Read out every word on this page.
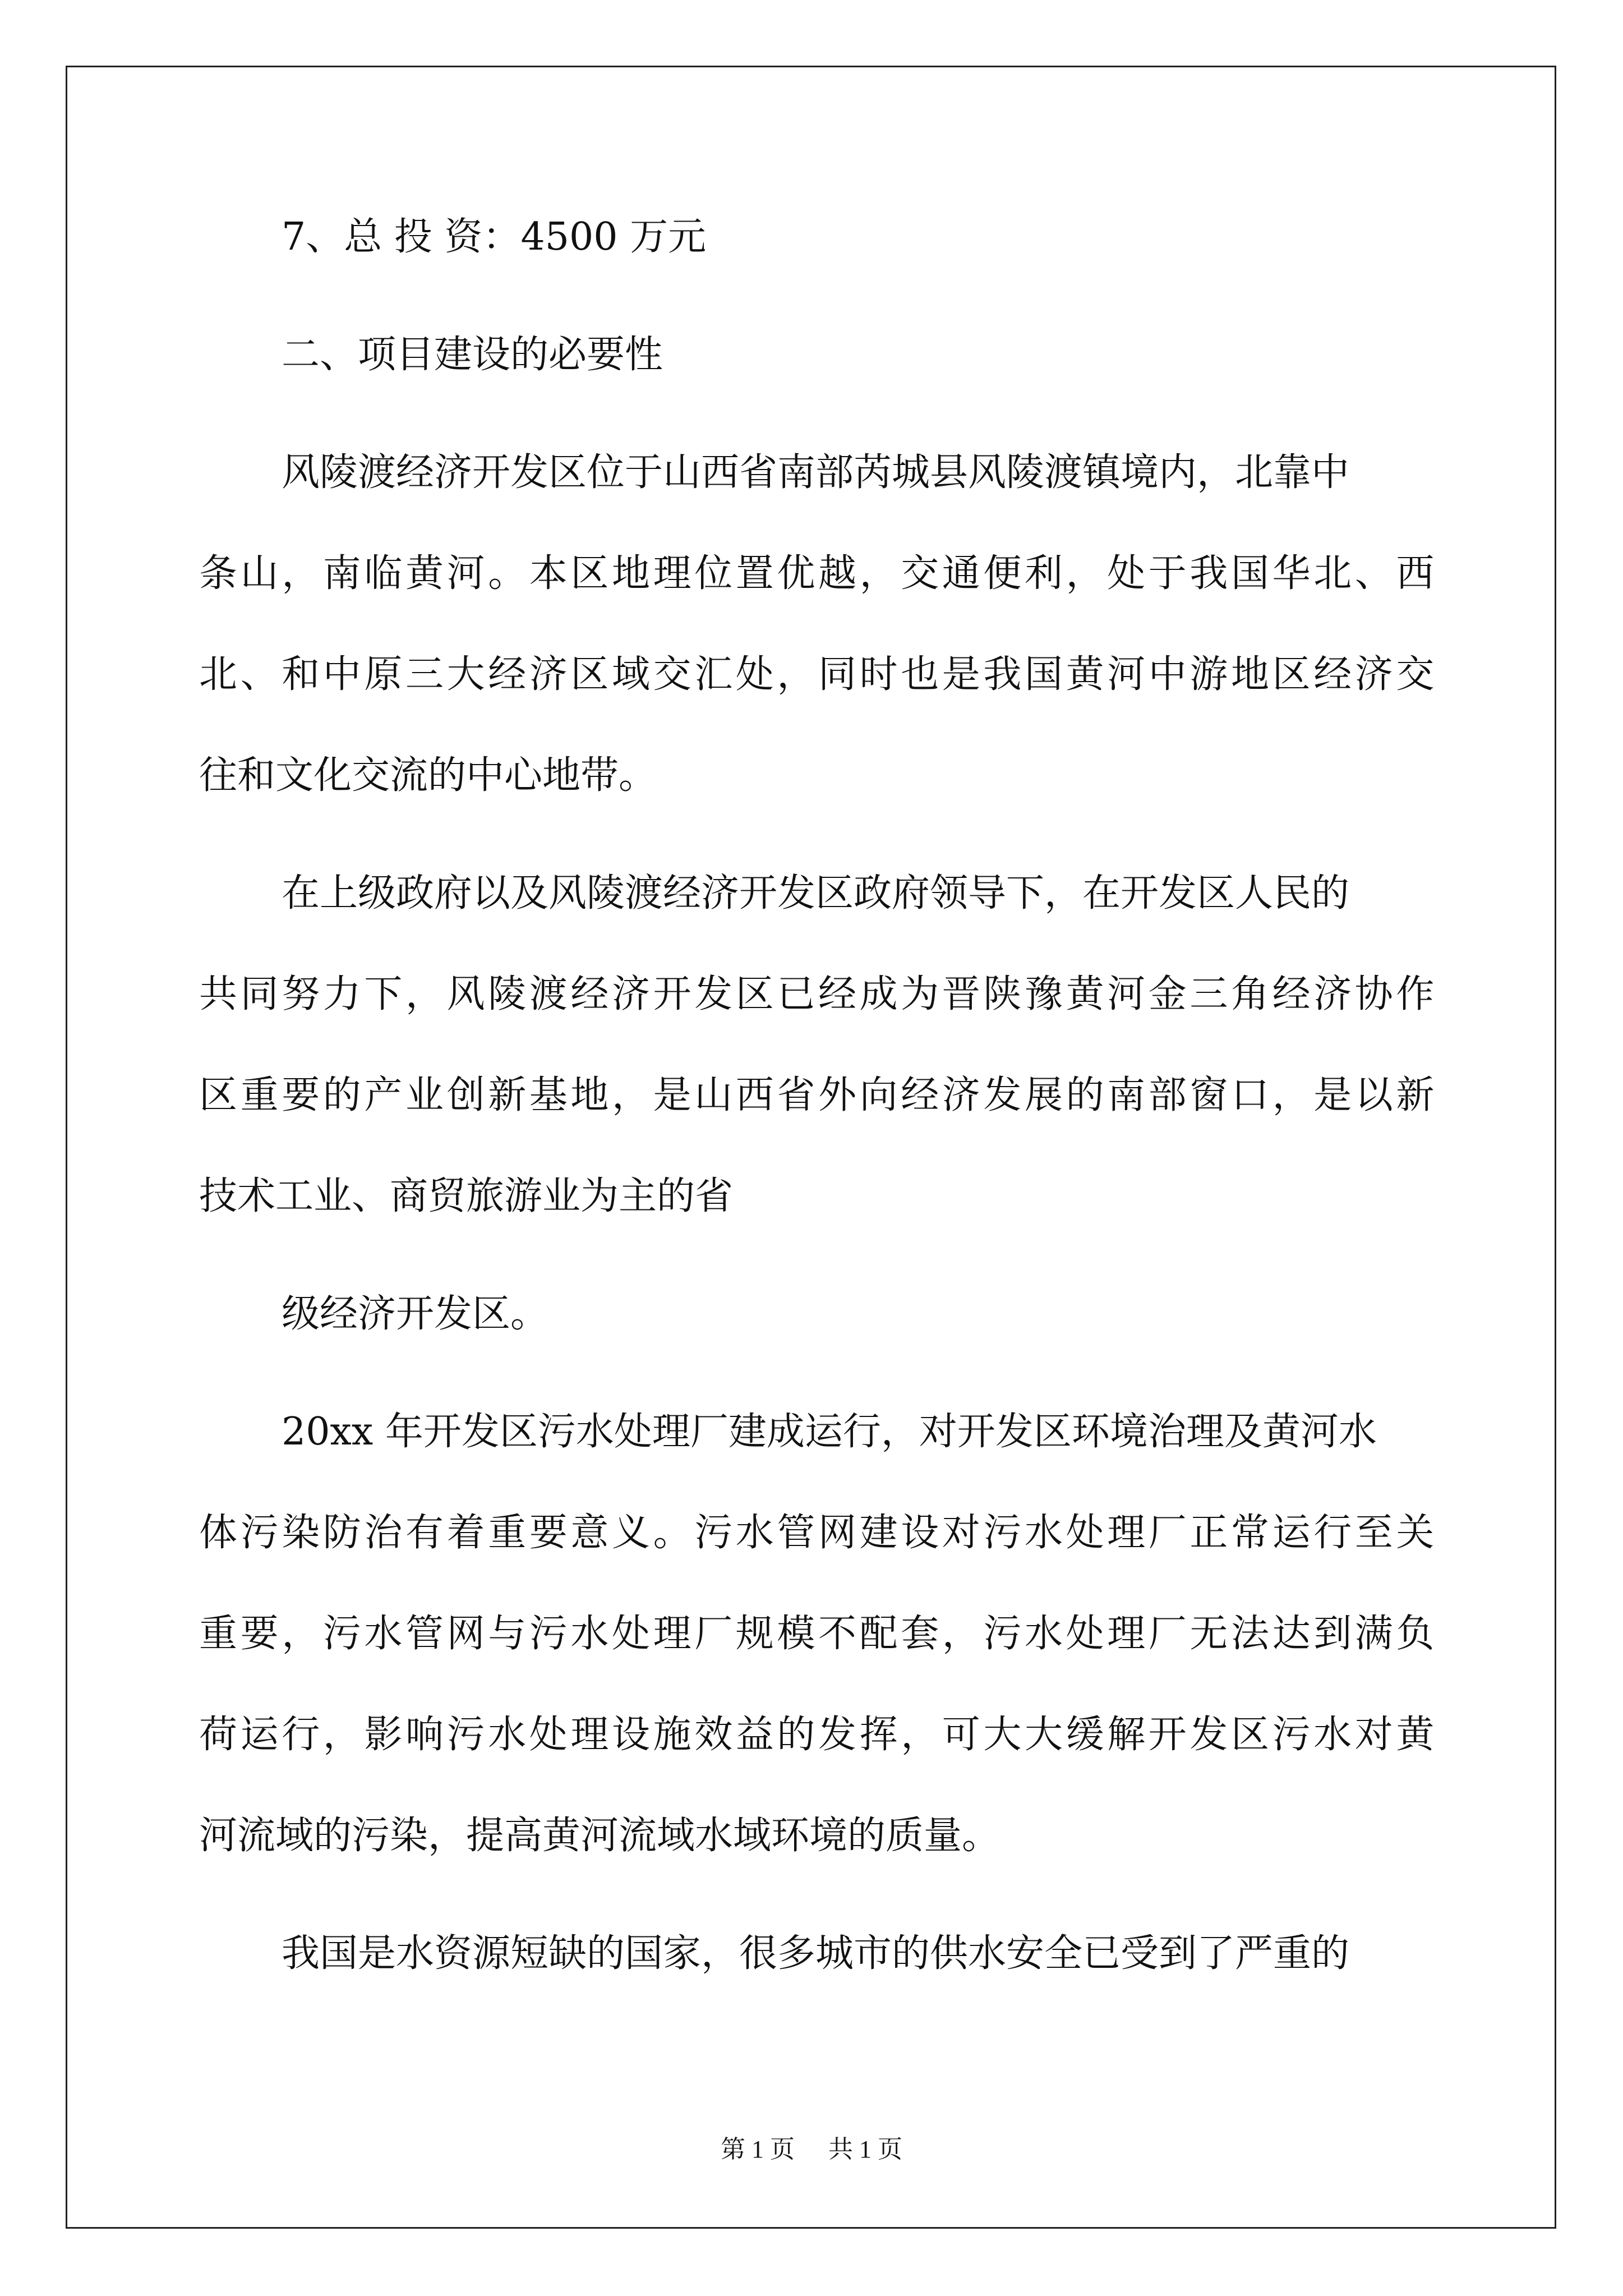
7、总 投 资：4500 万元
二、项目建设的必要性
风陵渡经济开发区位于山西省南部芮城县风陵渡镇境内，北靠中
条山，南临黄河。本区地理位置优越，交通便利，处于我国华北、西
北、和中原三大经济区域交汇处，同时也是我国黄河中游地区经济交
往和文化交流的中心地带。
在上级政府以及风陵渡经济开发区政府领导下，在开发区人民的
共同努力下，风陵渡经济开发区已经成为晋陕豫黄河金三角经济协作
区重要的产业创新基地，是山西省外向经济发展的南部窗口，是以新
技术工业、商贸旅游业为主的省
级经济开发区。
20xx 年开发区污水处理厂建成运行，对开发区环境治理及黄河水
体污染防治有着重要意义。污水管网建设对污水处理厂正常运行至关
重要，污水管网与污水处理厂规模不配套，污水处理厂无法达到满负
荷运行，影响污水处理设施效益的发挥，可大大缓解开发区污水对黄
河流域的污染，提高黄河流域水域环境的质量。
我国是水资源短缺的国家，很多城市的供水安全已受到了严重的
第 1 页 共 1 页
